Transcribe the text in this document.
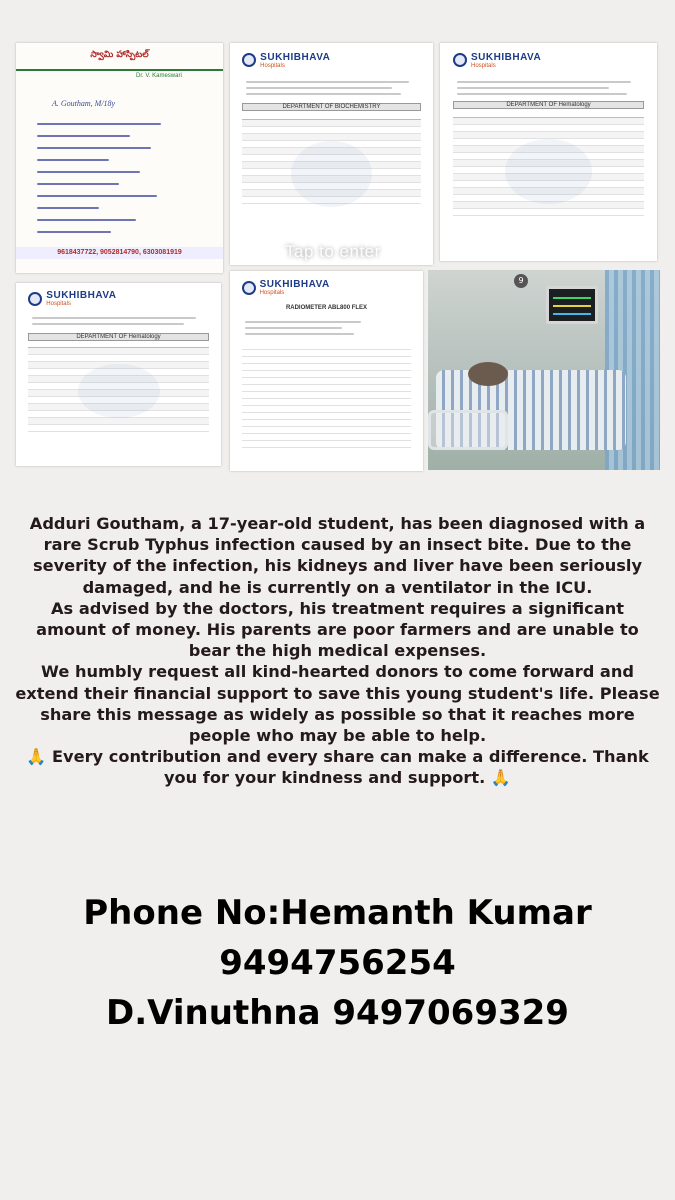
స్వామి హాస్పిటల్
Dr. V. Kameswari
A. Goutham, M/18y
9618437722, 9052814790, 6303081919
SUKHIBHAVA
Hospitals
DEPARTMENT OF BIOCHEMISTRY
SUKHIBHAVA
Hospitals
DEPARTMENT OF Hematology
SUKHIBHAVA
Hospitals
DEPARTMENT OF Hematology
SUKHIBHAVA
Hospitals
RADIOMETER ABL800 FLEX
9
Tap to enter

Adduri Goutham, a 17-year-old student, has been diagnosed with a rare Scrub Typhus infection caused by an insect bite. Due to the severity of the infection, his kidneys and liver have been seriously damaged, and he is currently on a ventilator in the ICU.

As advised by the doctors, his treatment requires a significant amount of money. His parents are poor farmers and are unable to bear the high medical expenses.

We humbly request all kind-hearted donors to come forward and extend their financial support to save this young student's life. Please share this message as widely as possible so that it reaches more people who may be able to help.

🙏 Every contribution and every share can make a difference. Thank you for your kindness and support. 🙏

Phone No:Hemanth Kumar
9494756254
D.Vinuthna 9497069329
